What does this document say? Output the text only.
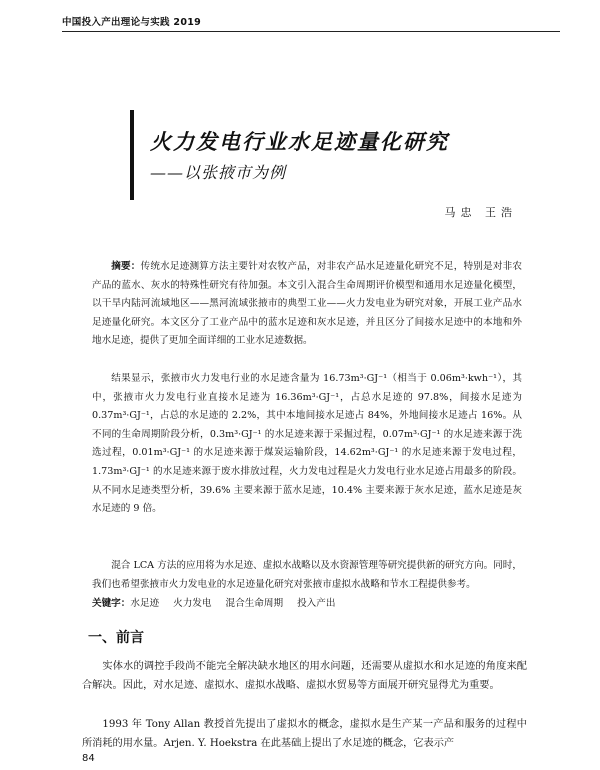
中国投入产出理论与实践 2019
火力发电行业水足迹量化研究
——以张掖市为例
马忠 王浩
摘要：传统水足迹测算方法主要针对农牧产品，对非农产品水足迹量化研究不足，特别是对非农产品的蓝水、灰水的特殊性研究有待加强。本文引入混合生命周期评价模型和通用水足迹量化模型，以干旱内陆河流域地区——黑河流域张掖市的典型工业——火力发电业为研究对象，开展工业产品水足迹量化研究。本文区分了工业产品中的蓝水足迹和灰水足迹，并且区分了间接水足迹中的本地和外地水足迹，提供了更加全面详细的工业水足迹数据。
结果显示，张掖市火力发电行业的水足迹含量为 16.73m³·GJ⁻¹（相当于 0.06m³·kwh⁻¹），其中，张掖市火力发电行业直接水足迹为 16.36m³·GJ⁻¹，占总水足迹的 97.8%，间接水足迹为 0.37m³·GJ⁻¹，占总的水足迹的 2.2%，其中本地间接水足迹占 84%，外地间接水足迹占 16%。从不同的生命周期阶段分析，0.3m³·GJ⁻¹ 的水足迹来源于采掘过程，0.07m³·GJ⁻¹ 的水足迹来源于洗选过程，0.01m³·GJ⁻¹ 的水足迹来源于煤炭运输阶段，14.62m³·GJ⁻¹ 的水足迹来源于发电过程，1.73m³·GJ⁻¹ 的水足迹来源于废水排放过程，火力发电过程是火力发电行业水足迹占用最多的阶段。从不同水足迹类型分析，39.6% 主要来源于蓝水足迹，10.4% 主要来源于灰水足迹，蓝水足迹是灰水足迹的 9 倍。
混合 LCA 方法的应用将为水足迹、虚拟水战略以及水资源管理等研究提供新的研究方向。同时，我们也希望张掖市火力发电业的水足迹量化研究对张掖市虚拟水战略和节水工程提供参考。
关键字：水足迹 火力发电 混合生命周期 投入产出
一、前言
实体水的调控手段尚不能完全解决缺水地区的用水问题，还需要从虚拟水和水足迹的角度来配合解决。因此，对水足迹、虚拟水、虚拟水战略、虚拟水贸易等方面展开研究显得尤为重要。
1993 年 Tony Allan 教授首先提出了虚拟水的概念，虚拟水是生产某一产品和服务的过程中所消耗的用水量。Arjen. Y. Hoekstra 在此基础上提出了水足迹的概念，它表示产
84
